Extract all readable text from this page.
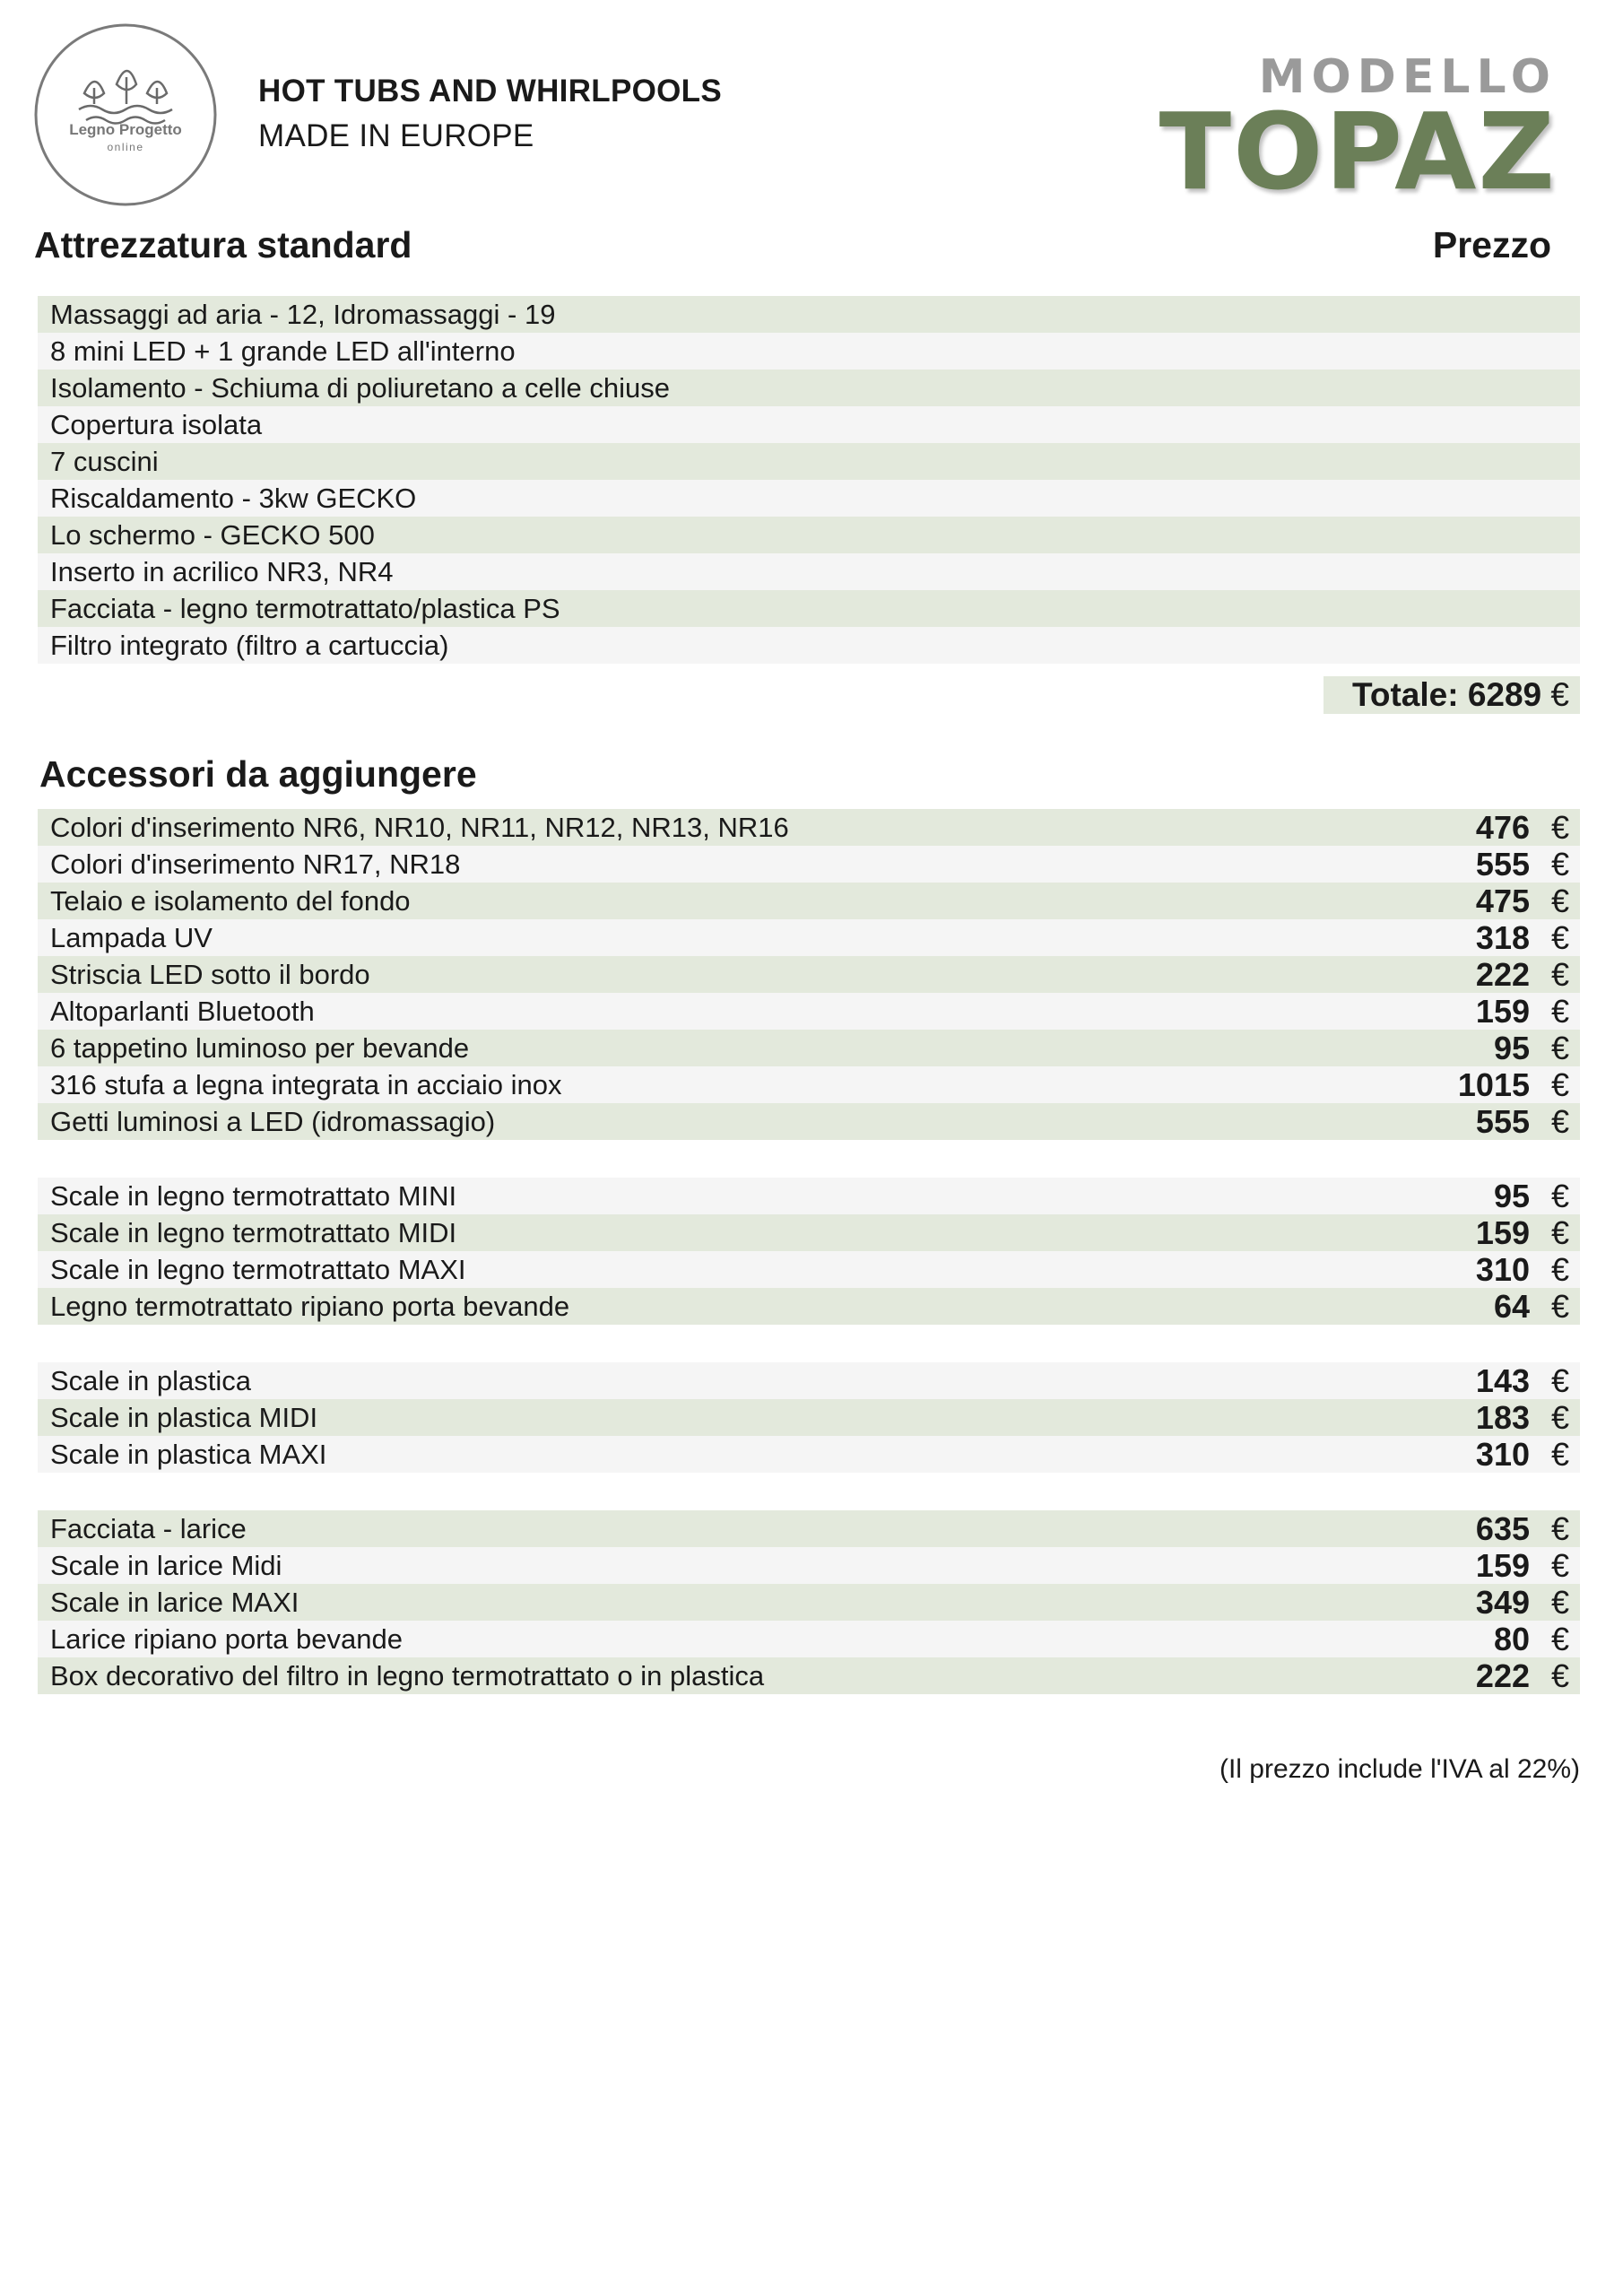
Legno Progetto
online
HOT TUBS AND WHIRLPOOLS
MADE IN EUROPE
MODELLO
TOPAZ
Attrezzatura standard	Prezzo
Massaggi ad aria - 12, Idromassaggi - 19
8 mini LED + 1 grande LED all'interno
Isolamento - Schiuma di poliuretano a celle chiuse
Copertura isolata
7 cuscini
Riscaldamento - 3kw GECKO
Lo schermo - GECKO 500
Inserto in acrilico NR3, NR4
Facciata - legno termotrattato/plastica PS
Filtro integrato (filtro a cartuccia)
Totale: 6289
€
Accessori da aggiungere
Colori d'inserimento NR6, NR10, NR11, NR12, NR13, NR16	476 €
Colori d'inserimento NR17, NR18	555 €
Telaio e isolamento del fondo	475 €
Lampada UV	318 €
Striscia LED sotto il bordo	222 €
Altoparlanti Bluetooth	159 €
6 tappetino luminoso per bevande	95 €
316 stufa a legna integrata in acciaio inox	1015 €
Getti luminosi a LED (idromassagio)	555 €
Scale in legno termotrattato MINI	95 €
Scale in legno termotrattato MIDI	159 €
Scale in legno termotrattato MAXI	310 €
Legno termotrattato ripiano porta bevande	64 €
Scale in plastica	143 €
Scale in plastica MIDI	183 €
Scale in plastica MAXI	310 €
Facciata - larice	635 €
Scale in larice Midi	159 €
Scale in larice MAXI	349 €
Larice ripiano porta bevande	80 €
Box decorativo del filtro in legno termotrattato o in plastica	222 €
(Il prezzo include l'IVA al 22%)
